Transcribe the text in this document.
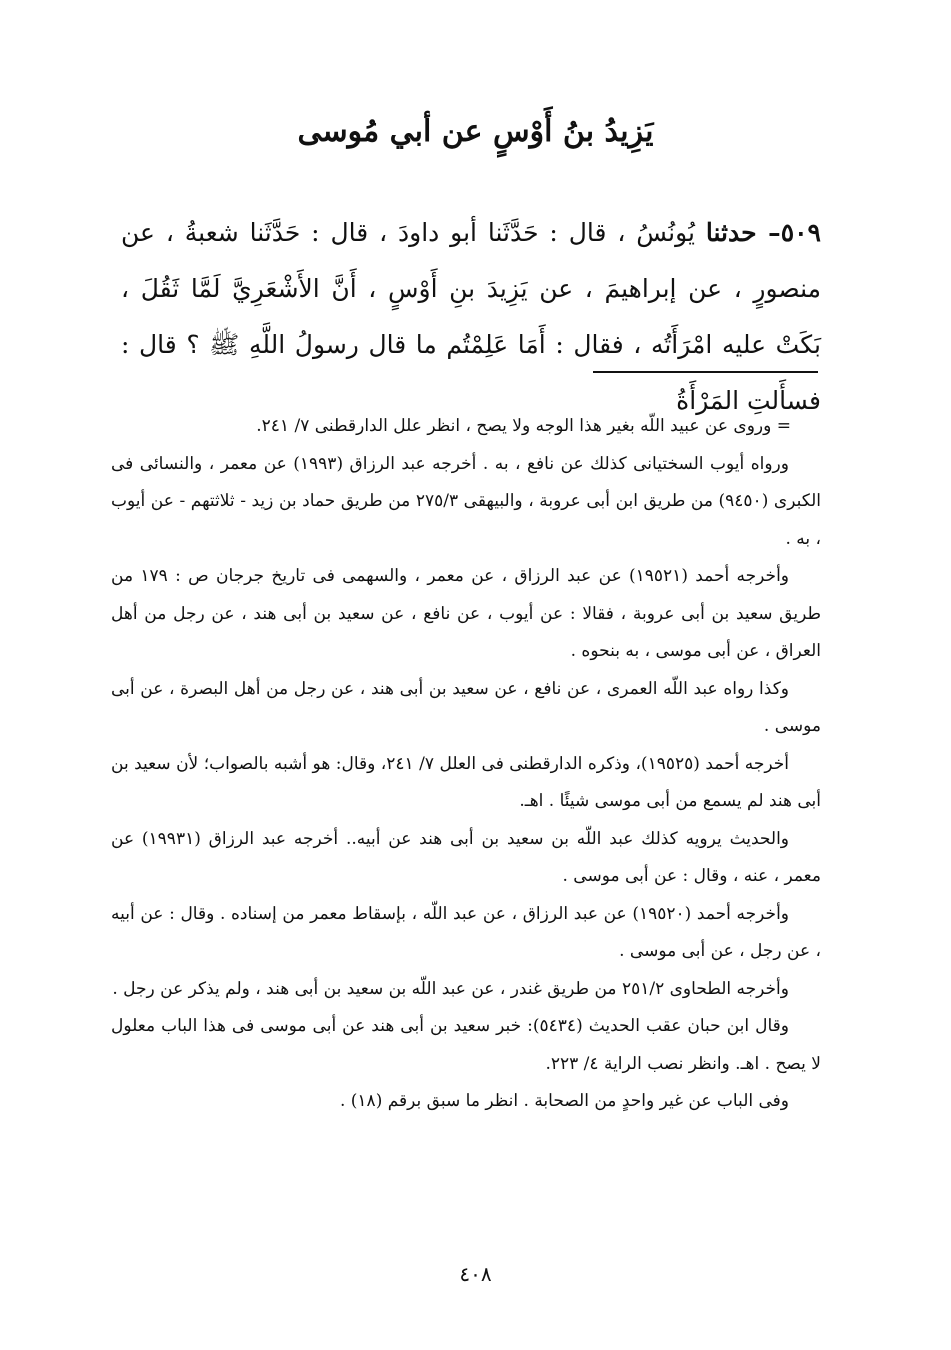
يَزِيدُ بنُ أَوْسٍ عن أبي مُوسى

٥٠٩– حدثنا يُونُسُ ، قال : حَدَّثَنا أبو داودَ ، قال : حَدَّثَنا شعبةُ ، عن منصورٍ ، عن إبراهيمَ ، عن يَزِيدَ بنِ أَوْسٍ ، أَنَّ الأَشْعَرِيَّ لَمَّا ثَقُلَ ، بَكَتْ عليه امْرَأَتُه ، فقال : أَمَا عَلِمْتُم ما قال رسولُ اللَّهِ ﷺ ؟ قال : فسأَلتِ المَرْأَةُ

= وروى عن عبيد اللّه بغير هذا الوجه ولا يصح ، انظر علل الدارقطنى ٧/ ٢٤١.

ورواه أيوب السختيانى كذلك عن نافع ، به . أخرجه عبد الرزاق (١٩٩٣) عن معمر ، والنسائى فى الكبرى (٩٤٥٠) من طريق ابن أبى عروبة ، والبيهقى ٢٧٥/٣ من طريق حماد بن زيد - ثلاثتهم - عن أيوب ، به .

وأخرجه أحمد (١٩٥٢١) عن عبد الرزاق ، عن معمر ، والسهمى فى تاريخ جرجان ص : ١٧٩ من طريق سعيد بن أبى عروبة ، فقالا : عن أيوب ، عن نافع ، عن سعيد بن أبى هند ، عن رجل من أهل العراق ، عن أبى موسى ، به بنحوه .

وكذا رواه عبد اللّه العمرى ، عن نافع ، عن سعيد بن أبى هند ، عن رجل من أهل البصرة ، عن أبى موسى .

أخرجه أحمد (١٩٥٢٥)، وذكره الدارقطنى فى العلل ٧/ ٢٤١، وقال: هو أشبه بالصواب؛ لأن سعيد بن أبى هند لم يسمع من أبى موسى شيئًا . اهـ.

والحديث يرويه كذلك عبد اللّه بن سعيد بن أبى هند عن أبيه.. أخرجه عبد الرزاق (١٩٩٣١) عن معمر ، عنه ، وقال : عن أبى موسى .

وأخرجه أحمد (١٩٥٢٠) عن عبد الرزاق ، عن عبد اللّه ، بإسقاط معمر من إسناده . وقال : عن أبيه ، عن رجل ، عن أبى موسى .

وأخرجه الطحاوى ٢٥١/٢ من طريق غندر ، عن عبد اللّه بن سعيد بن أبى هند ، ولم يذكر عن رجل .

وقال ابن حبان عقب الحديث (٥٤٣٤): خبر سعيد بن أبى هند عن أبى موسى فى هذا الباب معلول لا يصح . اهـ. وانظر نصب الراية ٤/ ٢٢٣.

وفى الباب عن غير واحدٍ من الصحابة . انظر ما سبق برقم (١٨) .

٤٠٨
